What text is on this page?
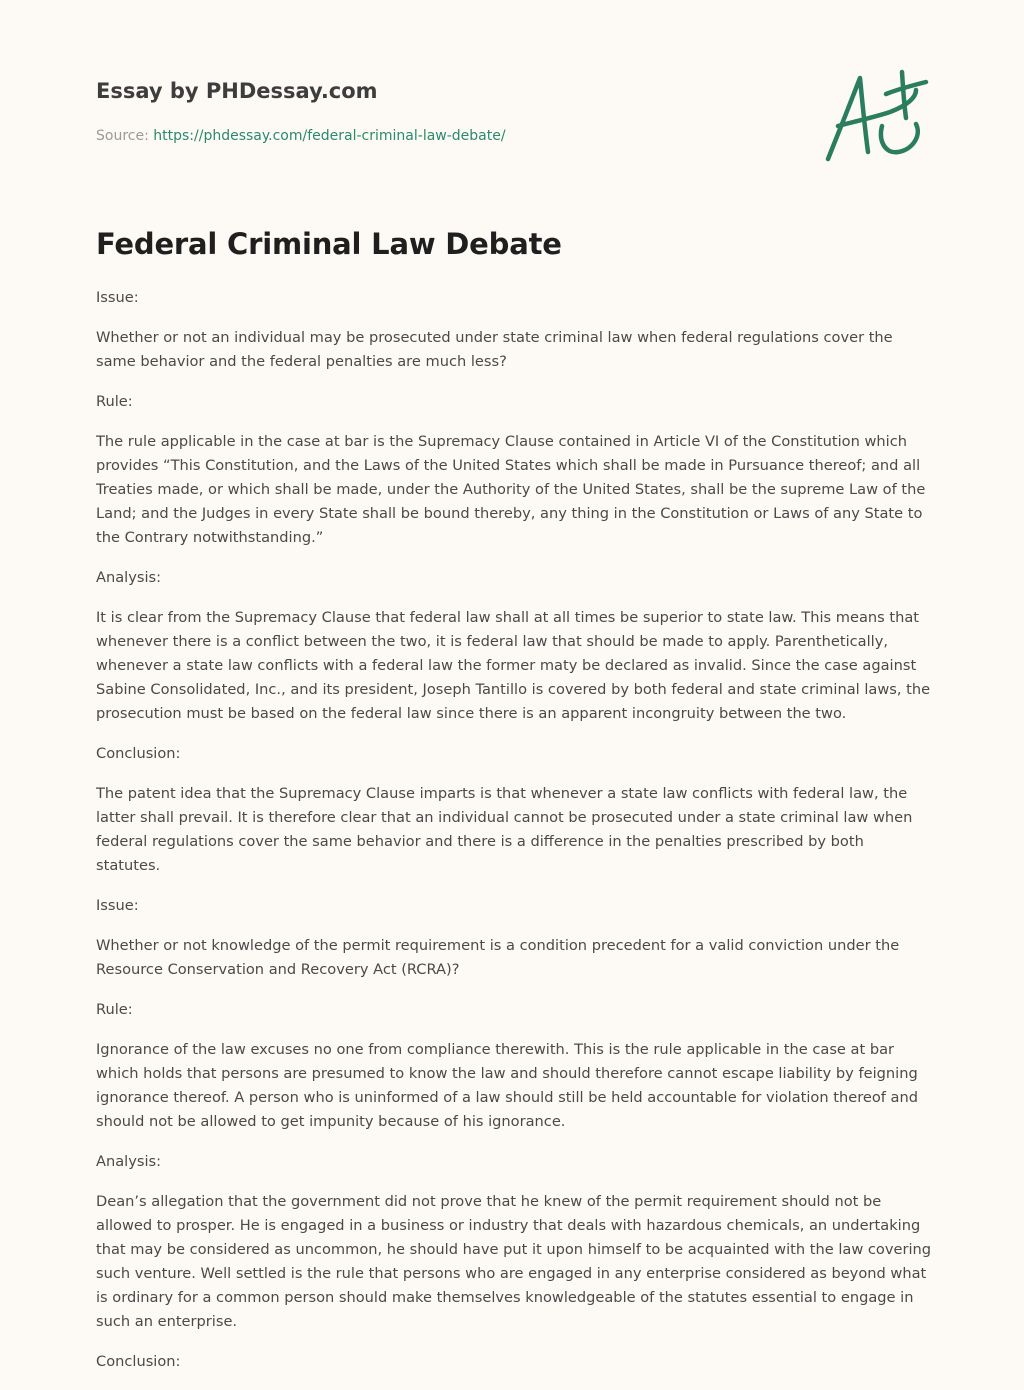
Essay by PHDessay.com
Source: https://phdessay.com/federal-criminal-law-debate/
Federal Criminal Law Debate

Issue:

Whether or not an individual may be prosecuted under state criminal law when federal regulations cover the same behavior and the federal penalties are much less?

Rule:

The rule applicable in the case at bar is the Supremacy Clause contained in Article VI of the Constitution which provides “This Constitution, and the Laws of the United States which shall be made in Pursuance thereof; and all Treaties made, or which shall be made, under the Authority of the United States, shall be the supreme Law of the Land; and the Judges in every State shall be bound thereby, any thing in the Constitution or Laws of any State to the Contrary notwithstanding.”

Analysis:

It is clear from the Supremacy Clause that federal law shall at all times be superior to state law. This means that whenever there is a conflict between the two, it is federal law that should be made to apply. Parenthetically, whenever a state law conflicts with a federal law the former maty be declared as invalid. Since the case against Sabine Consolidated, Inc., and its president, Joseph Tantillo is covered by both federal and state criminal laws, the prosecution must be based on the federal law since there is an apparent incongruity between the two.

Conclusion:

The patent idea that the Supremacy Clause imparts is that whenever a state law conflicts with federal law, the latter shall prevail. It is therefore clear that an individual cannot be prosecuted under a state criminal law when federal regulations cover the same behavior and there is a difference in the penalties prescribed by both statutes.

Issue:

Whether or not knowledge of the permit requirement is a condition precedent for a valid conviction under the Resource Conservation and Recovery Act (RCRA)?

Rule:

Ignorance of the law excuses no one from compliance therewith. This is the rule applicable in the case at bar which holds that persons are presumed to know the law and should therefore cannot escape liability by feigning ignorance thereof. A person who is uninformed of a law should still be held accountable for violation thereof and should not be allowed to get impunity because of his ignorance.

Analysis:

Dean’s allegation that the government did not prove that he knew of the permit requirement should not be allowed to prosper. He is engaged in a business or industry that deals with hazardous chemicals, an undertaking that may be considered as uncommon, he should have put it upon himself to be acquainted with the law covering such venture. Well settled is the rule that persons who are engaged in any enterprise considered as beyond what is ordinary for a common person should make themselves knowledgeable of the statutes essential to engage in such an enterprise.

Conclusion:
